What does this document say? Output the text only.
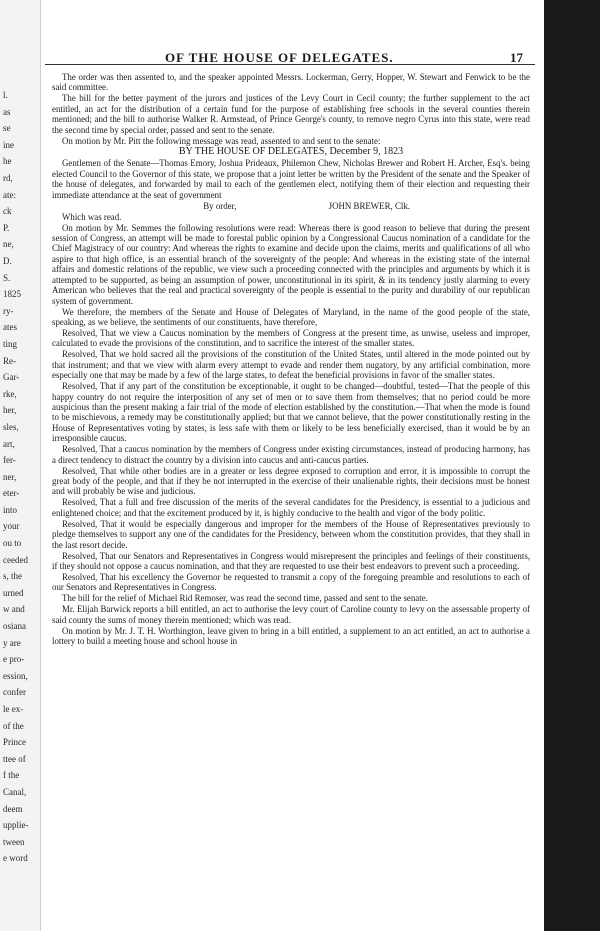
l.
as
se
ine
he
rd,
ate:
ck
P.
ne,
D.
S.
1825
ry-
ates
ting
Re-
Gar-
rke,
her,
sles,
art,
fer-
ner,
eter-
into
your
ou to
ceeded
s, the
urned
w and
osiana
y are
e pro-
ession,
confer
le ex-
of the
Prince
ttee of
f the
Canal,
deem
upplie-
tween
e word
OF THE HOUSE OF DELEGATES.	17

The order was then assented to, and the speaker appointed Messrs. Lockerman, Gerry, Hopper, W. Stewart and Fenwick to be the said committee.

The bill for the better payment of the jurors and justices of the Levy Court in Cecil county; the further supplement to the act entitled, an act for the distribution of a certain fund for the purpose of establishing free schools in the several counties therein mentioned; and the bill to authorise Walker R. Armstead, of Prince George's county, to remove negro Cyrus into this state, were read the second time by special order, passed and sent to the senate.

On motion by Mr. Pitt the following message was read, assented to and sent to the senate:

BY THE HOUSE OF DELEGATES, December 9, 1823

Gentlemen of the Senate—Thomas Emory, Joshua Prideaux, Philemon Chew, Nicholas Brewer and Robert H. Archer, Esq's. being elected Council to the Governor of this state, we propose that a joint letter be written by the President of the senate and the Speaker of the house of delegates, and forwarded by mail to each of the gentlemen elect, notifying them of their election and requesting their immediate attendance at the seat of government

By order,	JOHN BREWER, Clk.

Which was read.

On motion by Mr. Semmes the following resolutions were read: Whereas there is good reason to believe that during the present session of Congress, an attempt will be made to forestal public opinion by a Congressional Caucus nomination of a candidate for the Chief Magistracy of our country: And whereas the rights to examine and decide upon the claims, merits and qualifications of all who aspire to that high office, is an essential branch of the sovereignty of the people: And whereas in the existing state of the internal affairs and domestic relations of the republic, we view such a proceeding connected with the principles and arguments by which it is attempted to be supported, as being an assumption of power, unconstitutional in its spirit, & in its tendency justly alarming to every American who believes that the real and practical sovereignty of the people is essential to the purity and durability of our republican system of government.

We therefore, the members of the Senate and House of Delegates of Maryland, in the name of the good people of the state, speaking, as we believe, the sentiments of our constituents, have therefore,

Resolved, That we view a Caucus nomination by the members of Congress at the present time, as unwise, useless and improper, calculated to evade the provisions of the constitution, and to sacrifice the interest of the smaller states.

Resolved, That we hold sacred all the provisions of the constitution of the United States, until altered in the mode pointed out by that instrument; and that we view with alarm every attempt to evade and render them nugatory, by any artificial combination, more especially one that may be made by a few of the large states, to defeat the beneficial provisions in favor of the smaller states.

Resolved, That if any part of the constitution be exceptionable, it ought to be changed—doubtful, tested—That the people of this happy country do not require the interposition of any set of men or to save them from themselves; that no period could be more auspicious than the present making a fair trial of the mode of election established by the constitution.—That when the mode is found to be mischievous, a remedy may be constitutionally applied; but that we cannot believe, that the power constitutionally resting in the House of Representatives voting by states, is less safe with them or likely to be less beneficially exercised, than it would be by an irresponsible caucus.

Resolved, That a caucus nomination by the members of Congress under existing circumstances, instead of producing harmony, has a direct tendency to distract the country by a division into caucus and anti-caucus parties.

Resolved, That while other bodies are in a greater or less degree exposed to corruption and error, it is impossible to corrupt the great body of the people, and that if they be not interrupted in the exercise of their unalienable rights, their decisions must be honest and will probably be wise and judicious.

Resolved, That a full and free discussion of the merits of the several candidates for the Presidency, is essential to a judicious and enlightened choice; and that the excitement produced by it, is highly conducive to the health and vigor of the body politic.

Resolved, That it would be especially dangerous and improper for the members of the House of Representatives previously to pledge themselves to support any one of the candidates for the Presidency, between whom the constitution provides, that they shall in the last resort decide.

Resolved, That our Senators and Representatives in Congress would misrepresent the principles and feelings of their constituents, if they should not oppose a caucus nomination, and that they are requested to use their best endeavors to prevent such a proceeding.

Resolved, That his excellency the Governor be requested to transmit a copy of the foregoing preamble and resolutions to each of our Senators and Representatives in Congress.

The bill for the relief of Michael Rid Remoser, was read the second time, passed and sent to the senate.

Mr. Elijah Barwick reports a bill entitled, an act to authorise the levy court of Caroline county to levy on the assessable property of said county the sums of money therein mentioned; which was read.

On motion by Mr. J. T. H. Worthington, leave given to bring in a bill entitled, a supplement to an act entitled, an act to authorise a lottery to build a meeting house and school house in
